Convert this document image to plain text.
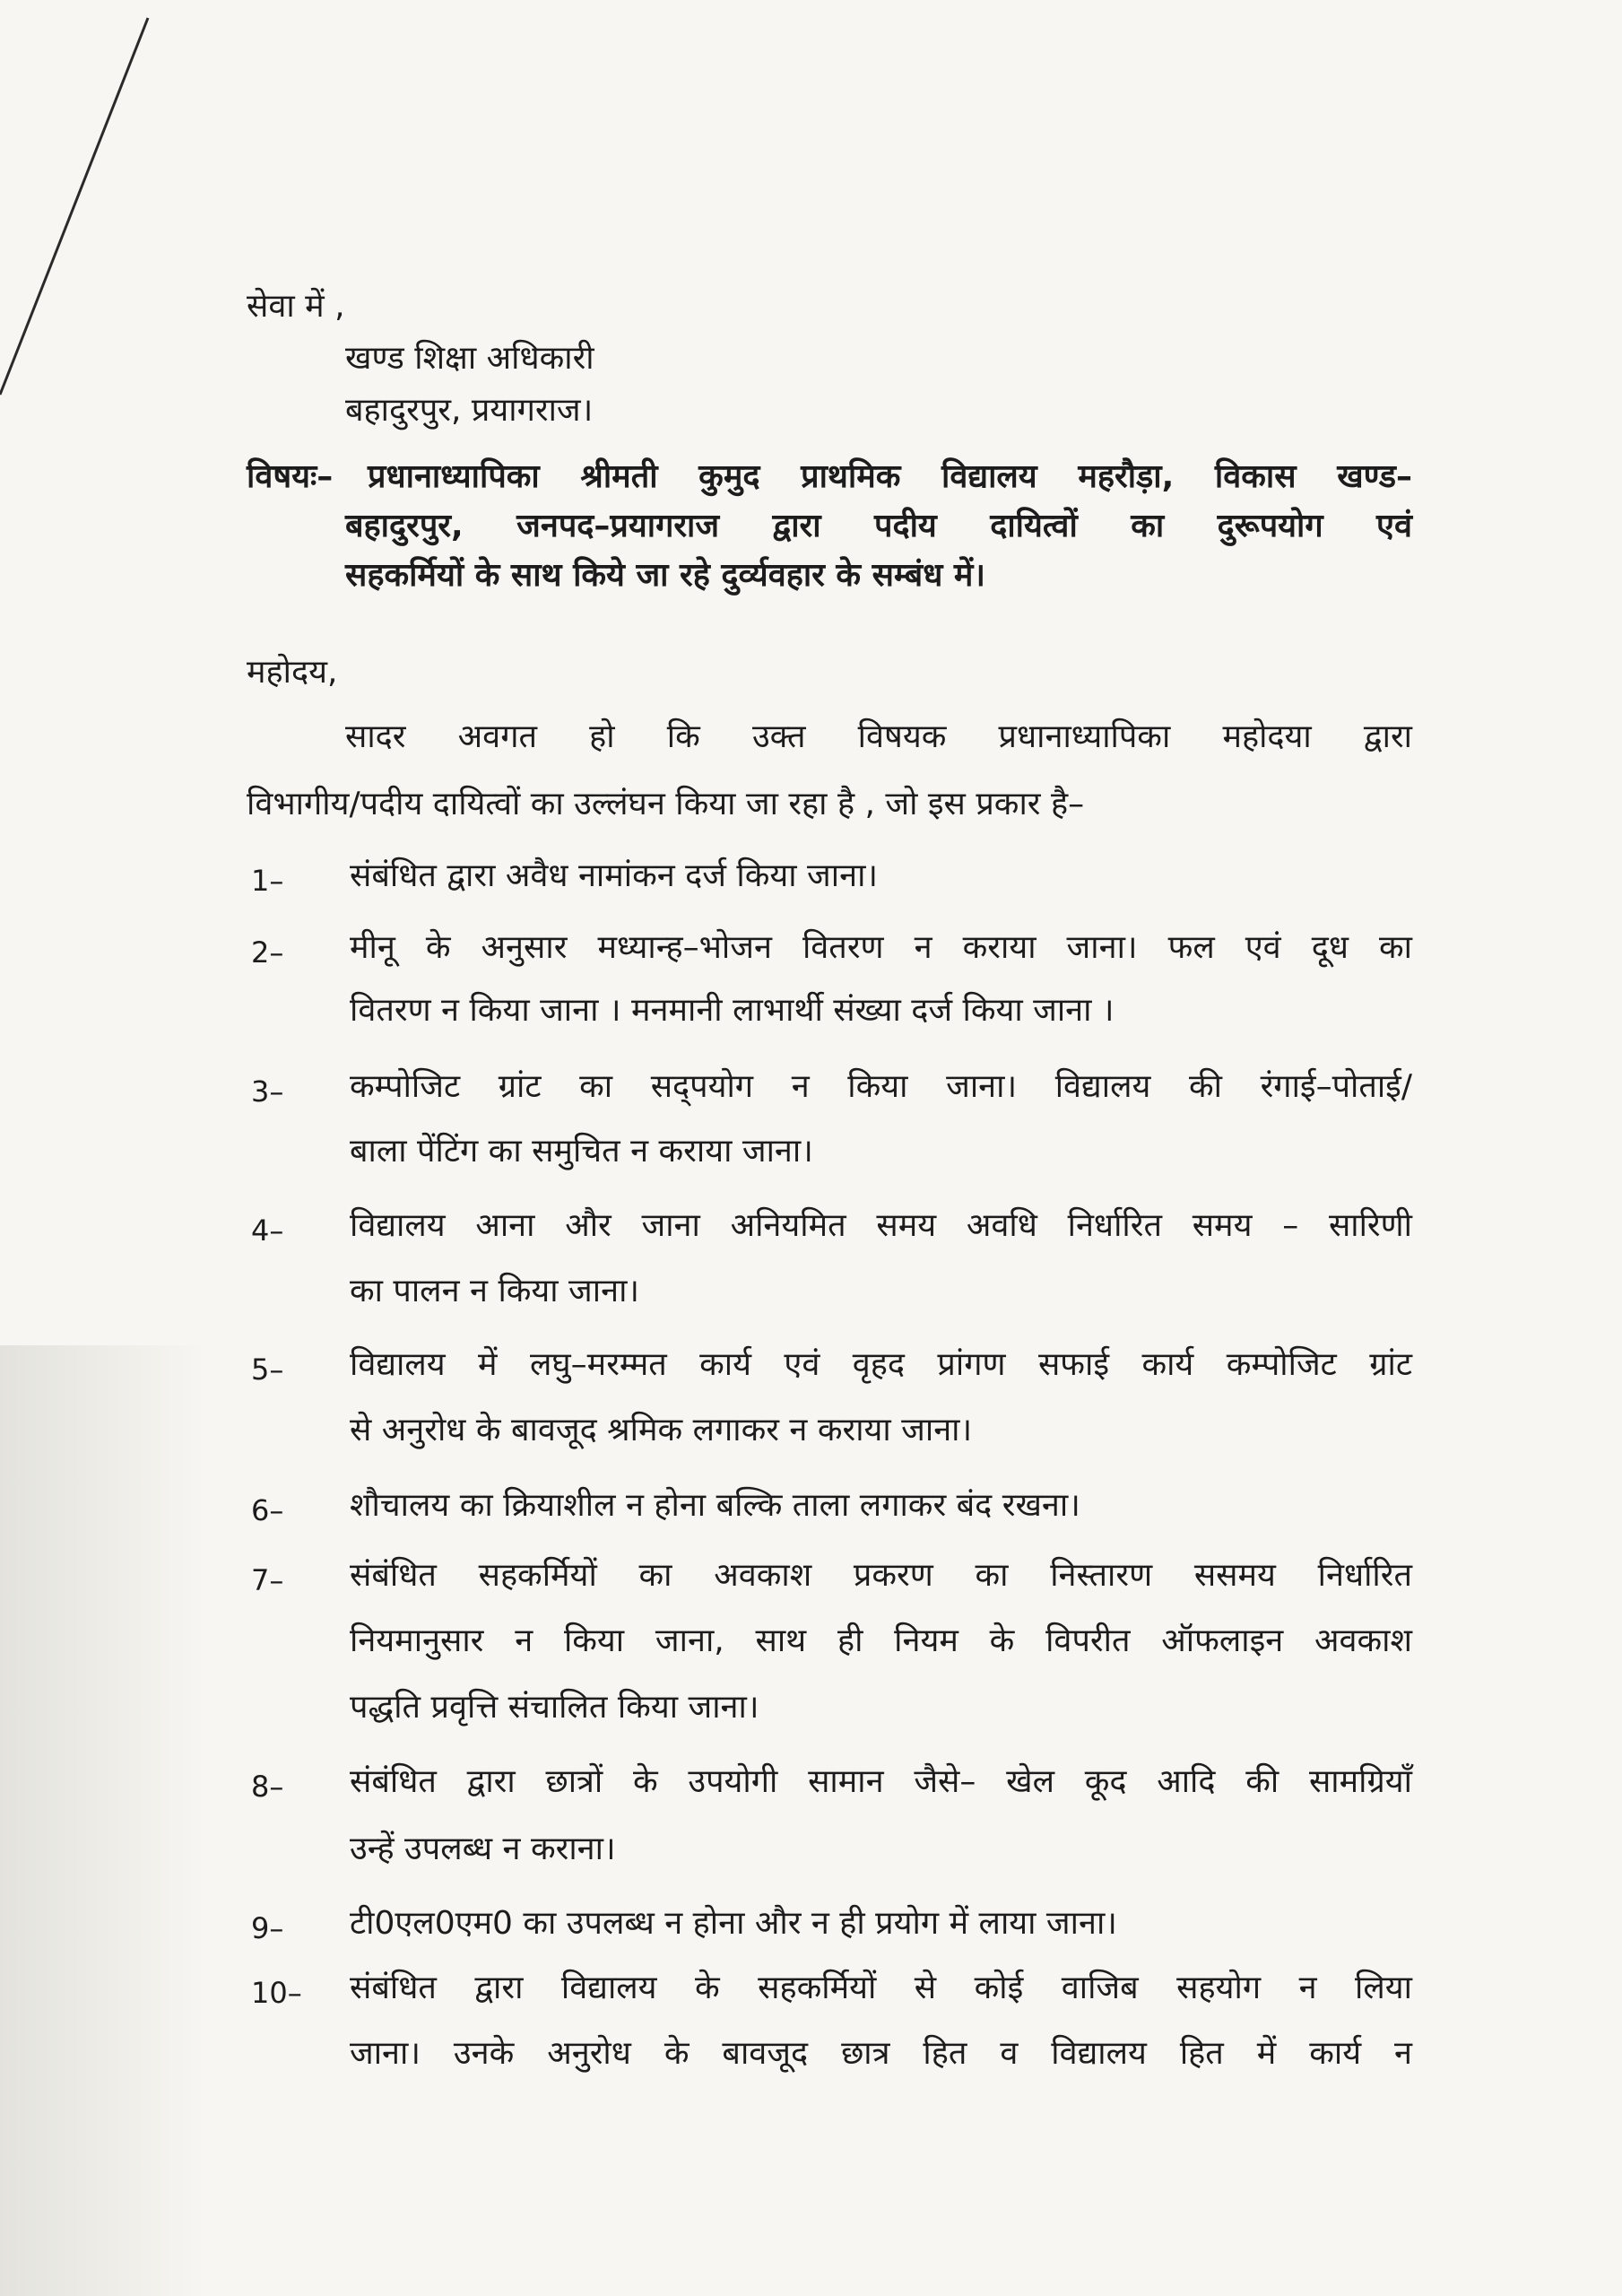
सेवा में ,
खण्ड शिक्षा अधिकारी
बहादुरपुर, प्रयागराज।
विषयः– प्रधानाध्यापिका श्रीमती कुमुद प्राथमिक विद्यालय महरौड़ा, विकास खण्ड–
बहादुरपुर, जनपद–प्रयागराज द्वारा पदीय दायित्वों का दुरूपयोग एवं
सहकर्मियों के साथ किये जा रहे दुर्व्यवहार के सम्बंध में।
महोदय,
सादर अवगत हो कि उक्त विषयक प्रधानाध्यापिका महोदया द्वारा
विभागीय/पदीय दायित्वों का उल्लंघन किया जा रहा है , जो इस प्रकार है–
1– संबंधित द्वारा अवैध नामांकन दर्ज किया जाना।
2– मीनू के अनुसार मध्यान्ह–भोजन वितरण न कराया जाना। फल एवं दूध का
वितरण न किया जाना । मनमानी लाभार्थी संख्या दर्ज किया जाना ।
3– कम्पोजिट ग्रांट का सद्पयोग न किया जाना। विद्यालय की रंगाई–पोताई/
बाला पेंटिंग का समुचित न कराया जाना।
4– विद्यालय आना और जाना अनियमित समय अवधि निर्धारित समय – सारिणी
का पालन न किया जाना।
5– विद्यालय में लघु–मरम्मत कार्य एवं वृहद प्रांगण सफाई कार्य कम्पोजिट ग्रांट
से अनुरोध के बावजूद श्रमिक लगाकर न कराया जाना।
6– शौचालय का क्रियाशील न होना बल्कि ताला लगाकर बंद रखना।
7– संबंधित सहकर्मियों का अवकाश प्रकरण का निस्तारण ससमय निर्धारित
नियमानुसार न किया जाना, साथ ही नियम के विपरीत ऑफलाइन अवकाश
पद्धति प्रवृत्ति संचालित किया जाना।
8– संबंधित द्वारा छात्रों के उपयोगी सामान जैसे– खेल कूद आदि की सामग्रियाँ
उन्हें उपलब्ध न कराना।
9– टी0एल0एम0 का उपलब्ध न होना और न ही प्रयोग में लाया जाना।
10– संबंधित द्वारा विद्यालय के सहकर्मियों से कोई वाजिब सहयोग न लिया
जाना। उनके अनुरोध के बावजूद छात्र हित व विद्यालय हित में कार्य न
